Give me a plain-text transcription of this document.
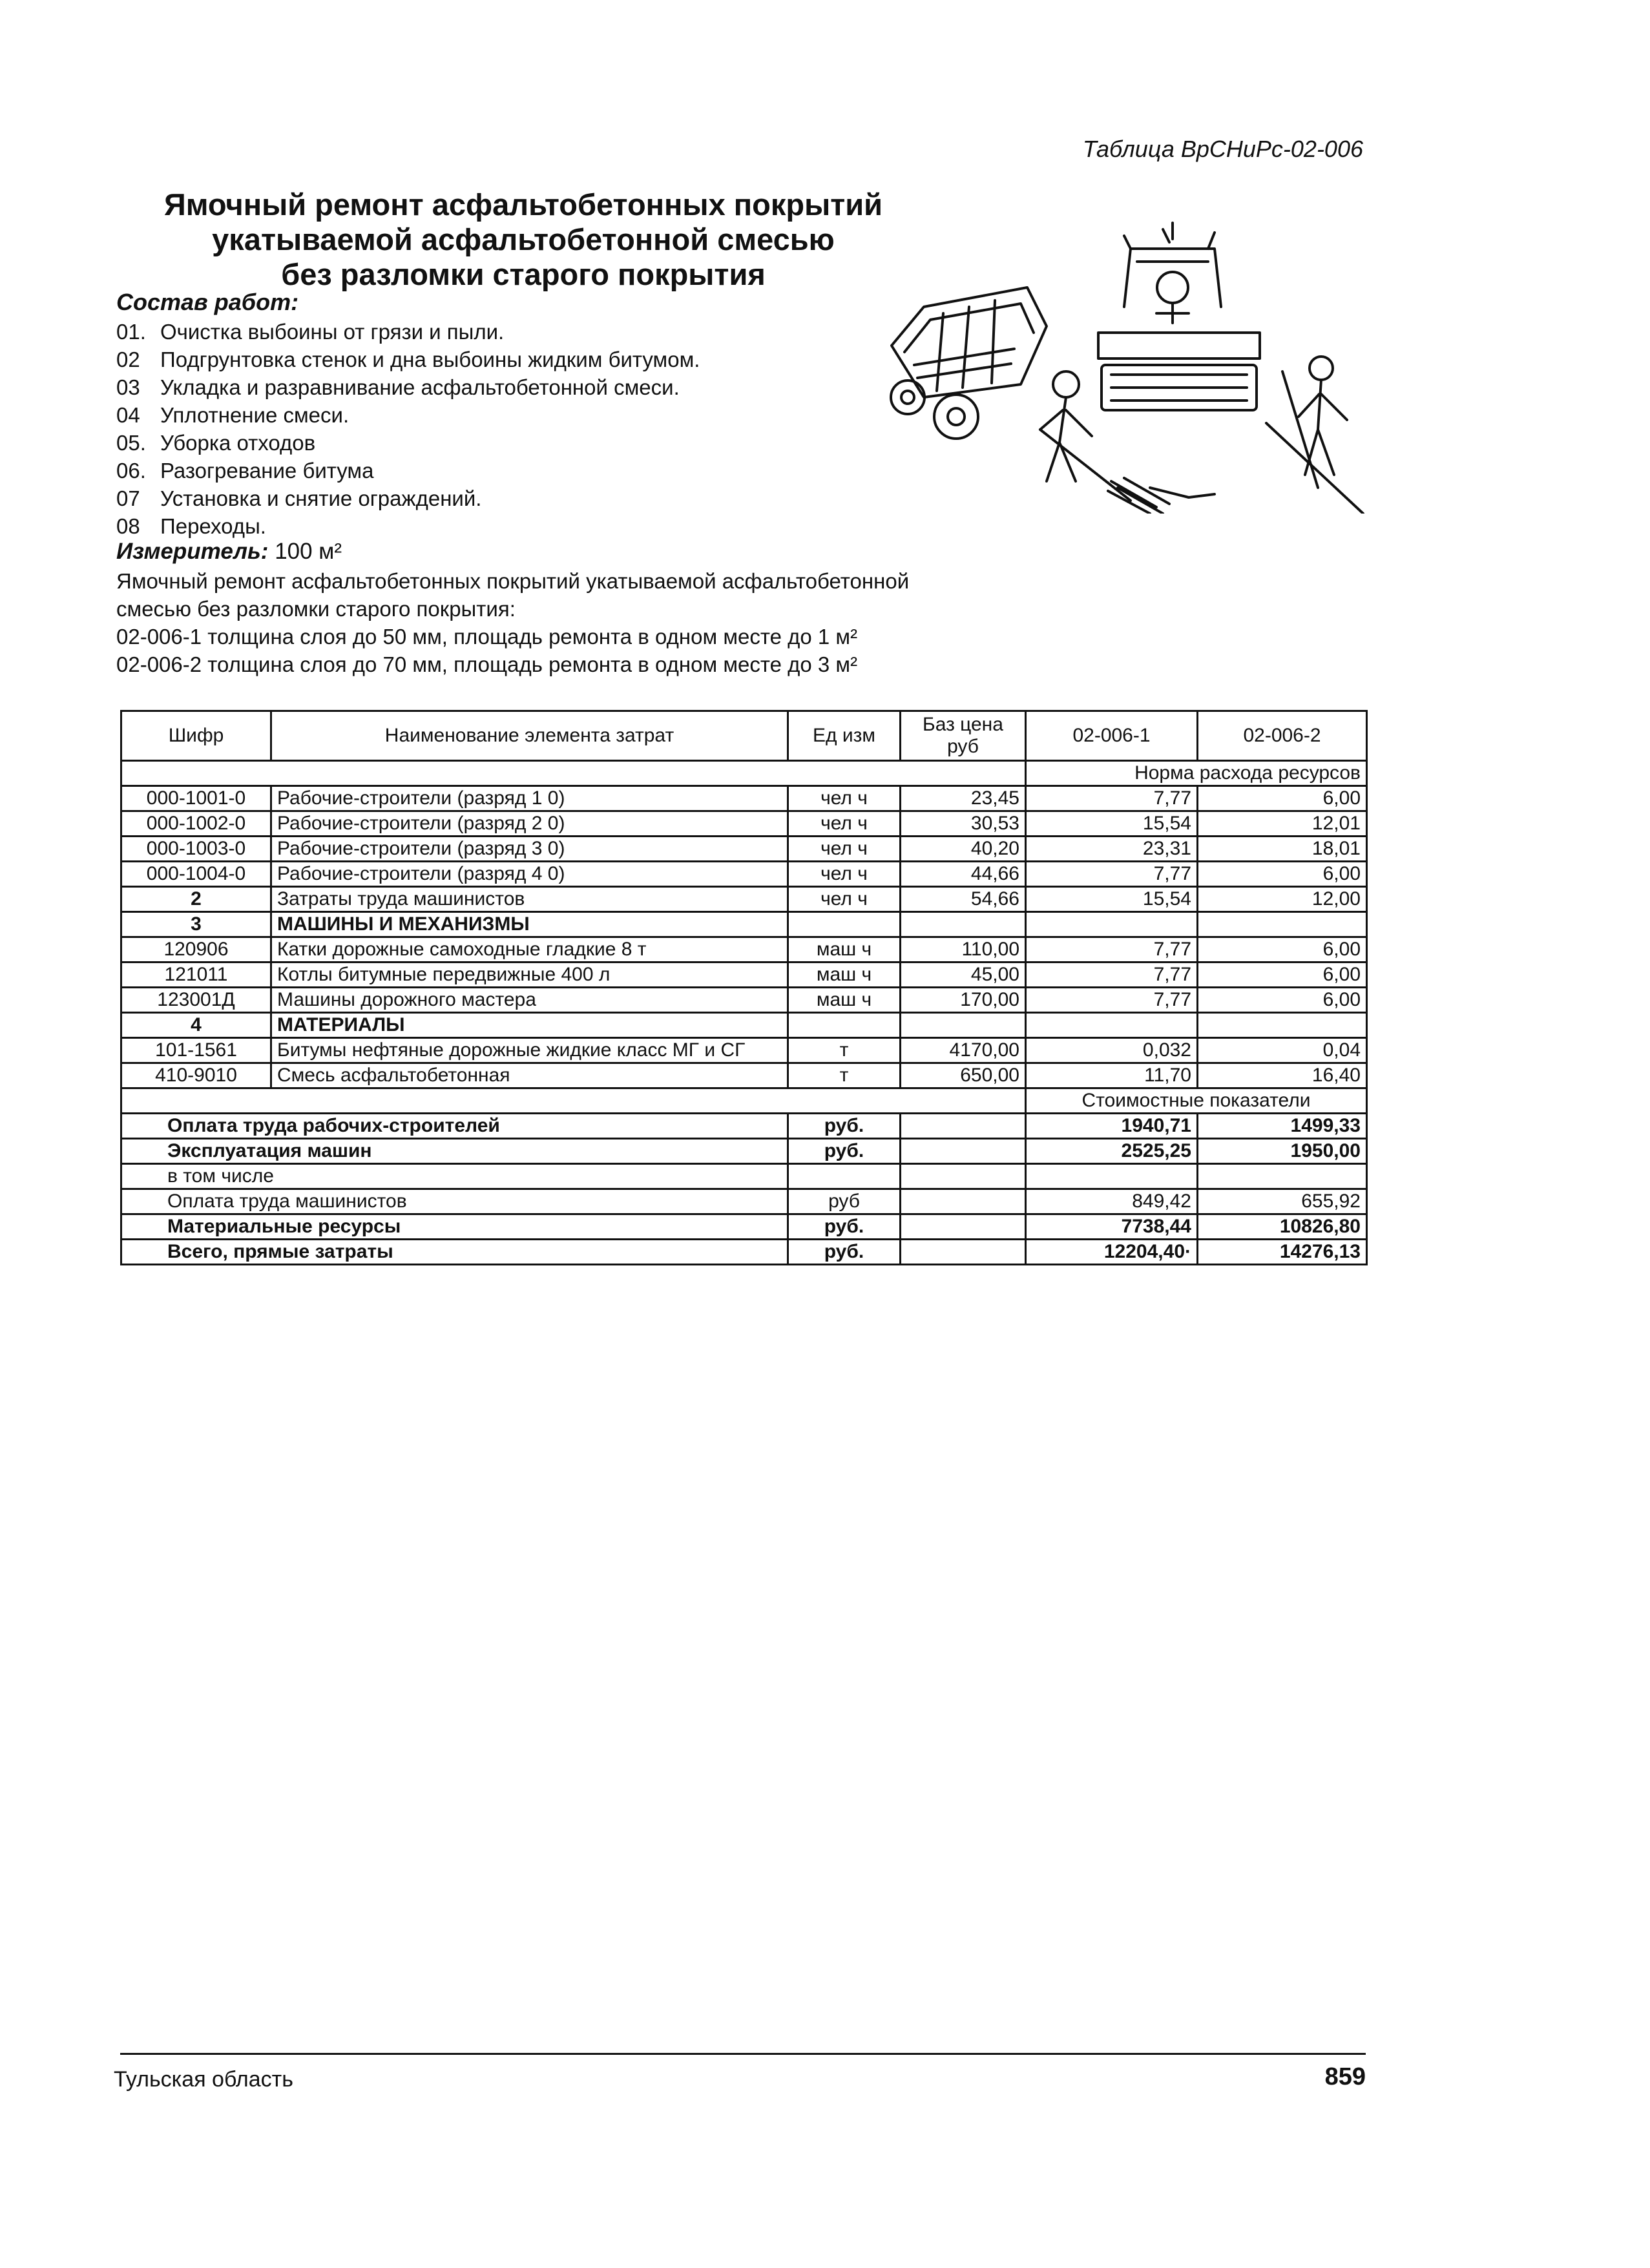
Таблица ВрСНиРс-02-006
Ямочный ремонт асфальтобетонных покрытий
укатываемой асфальтобетонной смесью
без разломки старого покрытия
Состав работ:
01. Очистка выбоины от грязи и пыли.
02 Подгрунтовка стенок и дна выбоины жидким битумом.
03 Укладка и разравнивание асфальтобетонной смеси.
04 Уплотнение смеси.
05. Уборка отходов
06. Разогревание битума
07 Установка и снятие ограждений.
08 Переходы.
Измеритель: 100 м²
Ямочный ремонт асфальтобетонных покрытий укатываемой асфальтобетонной
смесью без разломки старого покрытия:
02-006-1 толщина слоя до 50 мм, площадь ремонта в одном месте до 1 м²
02-006-2 толщина слоя до 70 мм, площадь ремонта в одном месте до 3 м²
Шифр	Наименование элемента затрат	Ед изм	Баз цена руб	02-006-1	02-006-2
				Норма расхода ресурсов	
000-1001-0	Рабочие-строители (разряд 1 0)	чел ч	23,45	7,77	6,00
000-1002-0	Рабочие-строители (разряд 2 0)	чел ч	30,53	15,54	12,01
000-1003-0	Рабочие-строители (разряд 3 0)	чел ч	40,20	23,31	18,01
000-1004-0	Рабочие-строители (разряд 4 0)	чел ч	44,66	7,77	6,00
2	Затраты труда машинистов	чел ч	54,66	15,54	12,00
3	МАШИНЫ И МЕХАНИЗМЫ				
120906	Катки дорожные самоходные гладкие 8 т	маш ч	110,00	7,77	6,00
121011	Котлы битумные передвижные 400 л	маш ч	45,00	7,77	6,00
123001Д	Машины дорожного мастера	маш ч	170,00	7,77	6,00
4	МАТЕРИАЛЫ				
101-1561	Битумы нефтяные дорожные жидкие класс МГ и СГ	т	4170,00	0,032	0,04
410-9010	Смесь асфальтобетонная	т	650,00	11,70	16,40
				Стоимостные показатели	
Оплата труда рабочих-строителей		руб.		1940,71	1499,33
Эксплуатация машин		руб.		2525,25	1950,00
в том числе					
Оплата труда машинистов		руб		849,42	655,92
Материальные ресурсы		руб.		7738,44	10826,80
Всего, прямые затраты		руб.		12204,40·	14276,13
Тульская область	859
